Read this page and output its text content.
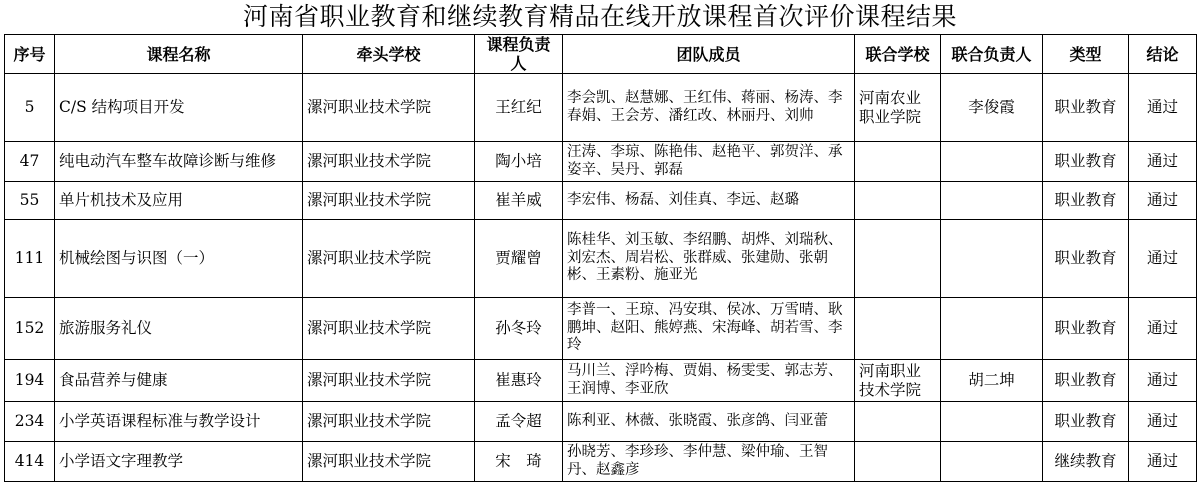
河南省职业教育和继续教育精品在线开放课程首次评价课程结果
序号	课程名称	牵头学校	课程负责人	团队成员	联合学校	联合负责人	类型	结论
5	C/S 结构项目开发	漯河职业技术学院	王红纪	李会凯、赵慧娜、王红伟、蒋丽、杨涛、李春娟、王会芳、潘红改、林丽丹、刘帅	河南农业职业学院	李俊霞	职业教育	通过
47	纯电动汽车整车故障诊断与维修	漯河职业技术学院	陶小培	汪涛、李琼、陈艳伟、赵艳平、郭贺洋、承姿辛、吴丹、郭磊			职业教育	通过
55	单片机技术及应用	漯河职业技术学院	崔羊威	李宏伟、杨磊、刘佳真、李远、赵璐			职业教育	通过
111	机械绘图与识图（一）	漯河职业技术学院	贾耀曾	陈桂华、刘玉敏、李绍鹏、胡烨、刘瑞秋、刘宏杰、周岩松、张群威、张建勋、张朝彬、王素粉、施亚光			职业教育	通过
152	旅游服务礼仪	漯河职业技术学院	孙冬玲	李普一、王琼、冯安琪、侯冰、万雪晴、耿鹏坤、赵阳、熊婷燕、宋海峰、胡若雪、李玲			职业教育	通过
194	食品营养与健康	漯河职业技术学院	崔惠玲	马川兰、浮吟梅、贾娟、杨雯雯、郭志芳、王润博、李亚欣	河南职业技术学院	胡二坤	职业教育	通过
234	小学英语课程标准与教学设计	漯河职业技术学院	孟令超	陈利亚、林薇、张晓霞、张彦鸽、闫亚蕾			职业教育	通过
414	小学语文字理教学	漯河职业技术学院	宋　琦	孙晓芳、李珍珍、李仲慧、梁仲瑜、王智丹、赵鑫彦			继续教育	通过
